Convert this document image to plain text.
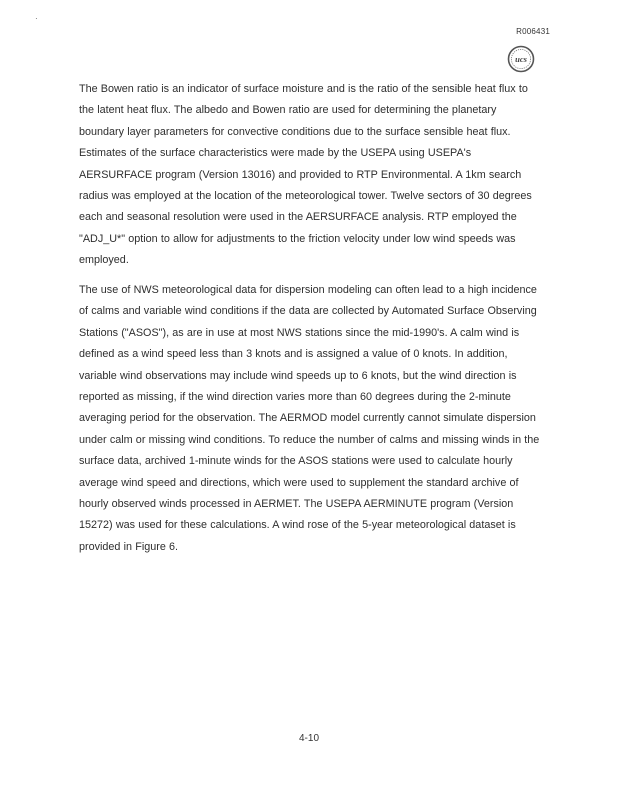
·
R006431
ucs

The Bowen ratio is an indicator of surface moisture and is the ratio of the sensible heat flux to the latent heat flux. The albedo and Bowen ratio are used for determining the planetary boundary layer parameters for convective conditions due to the surface sensible heat flux. Estimates of the surface characteristics were made by the USEPA using USEPA's AERSURFACE program (Version 13016) and provided to RTP Environmental. A 1km search radius was employed at the location of the meteorological tower. Twelve sectors of 30 degrees each and seasonal resolution were used in the AERSURFACE analysis. RTP employed the "ADJ_U*" option to allow for adjustments to the friction velocity under low wind speeds was employed.

The use of NWS meteorological data for dispersion modeling can often lead to a high incidence of calms and variable wind conditions if the data are collected by Automated Surface Observing Stations ("ASOS"), as are in use at most NWS stations since the mid-1990's. A calm wind is defined as a wind speed less than 3 knots and is assigned a value of 0 knots. In addition, variable wind observations may include wind speeds up to 6 knots, but the wind direction is reported as missing, if the wind direction varies more than 60 degrees during the 2-minute averaging period for the observation. The AERMOD model currently cannot simulate dispersion under calm or missing wind conditions. To reduce the number of calms and missing winds in the surface data, archived 1-minute winds for the ASOS stations were used to calculate hourly average wind speed and directions, which were used to supplement the standard archive of hourly observed winds processed in AERMET. The USEPA AERMINUTE program (Version 15272) was used for these calculations. A wind rose of the 5-year meteorological dataset is provided in Figure 6.

4-10
